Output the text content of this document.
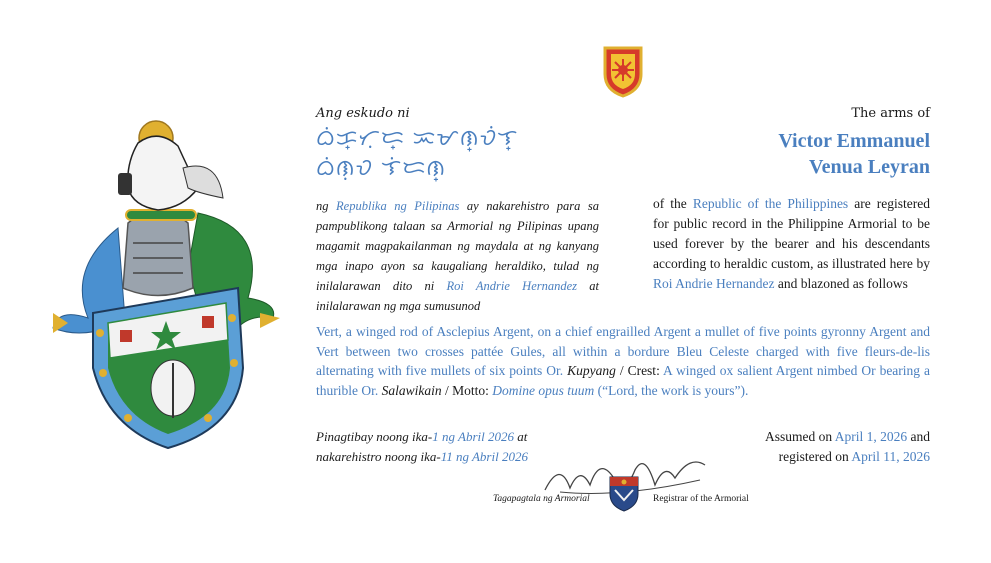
Ang eskudo ni
ᜊᜒᜃ᜔ᜆᜓᜇ᜔ ᜁᜋᜈ᜔ᜏᜒᜎ᜔
ᜊᜒᜈᜓᜏ ᜎᜒᜇᜈ᜔
The arms of
Victor Emmanuel
Venua Leyran
ng Republika ng Pilipinas ay nakarehistro para sa pampublikong talaan sa Armorial ng Pilipinas upang magamit magpakailanman ng maydala at ng kanyang mga inapo ayon sa kaugaliang heraldiko, tulad ng inilalarawan dito ni Roi Andrie Hernandez at inilalarawan ng mga sumusunod
of the Republic of the Philippines are registered for public record in the Philippine Armorial to be used forever by the bearer and his descendants according to heraldic custom, as illustrated here by Roi Andrie Hernandez and blazoned as follows
Vert, a winged rod of Asclepius Argent, on a chief engrailled Argent a mullet of five points gyronny Argent and Vert between two crosses pattée Gules, all within a bordure Bleu Celeste charged with five fleurs-de-lis alternating with five mullets of six points Or. Kupyang / Crest: A winged ox salient Argent nimbed Or bearing a thurible Or. Salawikain / Motto: Domine opus tuum (“Lord, the work is yours”).
Pinagtibay noong ika-1 ng Abril 2026 at
nakarehistro noong ika-11 ng Abril 2026
Assumed on April 1, 2026 and
registered on April 11, 2026
Tagapagtala ng Armorial	Registrar of the Armorial
